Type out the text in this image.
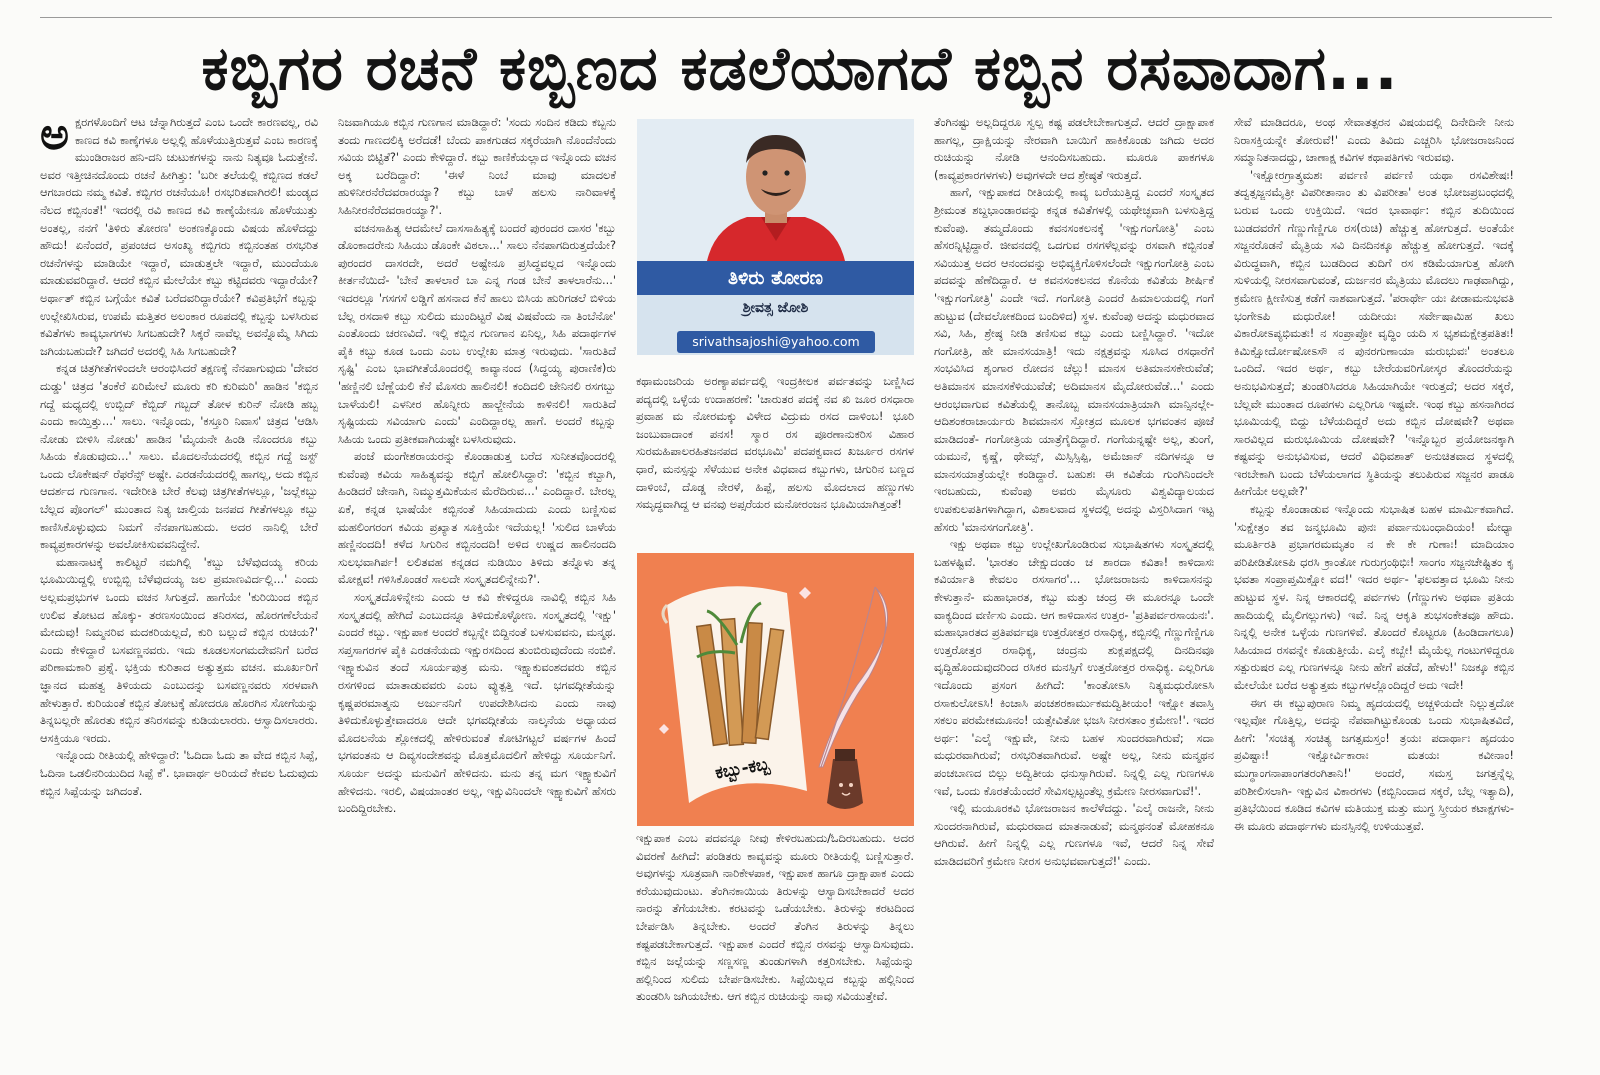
ಕಬ್ಬಿಗರ ರಚನೆ ಕಬ್ಬಿಣದ ಕಡಲೆಯಾಗದೆ ಕಬ್ಬಿನ ರಸವಾದಾಗ...

ಅಕ್ಷರಗಳೊಂದಿಗೆ ಆಟ ಚೆನ್ನಾಗಿರುತ್ತದೆ ಎಂಬ ಒಂದೇ ಕಾರಣವಲ್ಲ, ರವಿ ಕಾಣದ ಕವಿ ಕಾಣ್ಕೆಗಳೂ ಅಲ್ಲಲ್ಲಿ ಹೊಳೆಯುತ್ತಿರುತ್ತವೆ ಎಂಬ ಕಾರಣಕ್ಕೆ ಮುಂಡಿರಾಜರ ಹನಿ-ದನಿ ಚುಟುಕಗಳನ್ನು ನಾನು ನಿತ್ಯವೂ ಓದುತ್ತೇನೆ. ಅವರ ಇತ್ತೀಚಿನದೊಂದು ರಚನೆ ಹೀಗಿತ್ತು: 'ಬರೀ ತಲೆಯಲ್ಲಿ ಕಬ್ಬಿಣದ ಕಡಲೆ ಆಗಬಾರದು ನಮ್ಮ ಕವಿತೆ. ಕಬ್ಬಿಗರ ರಚನೆಯೂ! ರಸಭರಿತವಾಗಿರಲಿ! ಮಂಡ್ಯದ ನೆಲದ ಕಬ್ಬಿನಂತೆ!' ಇದರಲ್ಲಿ ರವಿ ಕಾಣದ ಕವಿ ಕಾಣ್ಕೆಯೇನೂ ಹೊಳೆಯುತ್ತು ಅಂತಲ್ಲ, ನನಗೆ 'ತಿಳಿರು ತೋರಣ' ಅಂಕಣಕ್ಕೊಂದು ವಿಷಯ ಹೊಳೆದದ್ದು ಹೌದು! ಏನೆಂದರೆ, ಪ್ರಪಂಚದ ಅಸಂಖ್ಯ ಕಬ್ಬಿಗರು ಕಬ್ಬಿನಂತಹ ರಸಭರಿತ ರಚನೆಗಳನ್ನು ಮಾಡಿಯೇ ಇದ್ದಾರೆ, ಮಾಡುತ್ತಲೇ ಇದ್ದಾರೆ, ಮುಂದೆಯೂ ಮಾಡುವವರಿದ್ದಾರೆ. ಆದರೆ ಕಬ್ಬಿನ ಮೇಲೆಯೇ ಕಬ್ಬು ಕಟ್ಟಿದವರು ಇದ್ದಾರೆಯೇ? ಅರ್ಥಾತ್ ಕಬ್ಬಿನ ಬಗ್ಗೆಯೇ ಕವಿತೆ ಬರೆದವರಿದ್ದಾರೆಯೇ? ಕವಿಪ್ರತಿಭೆಗೆ ಕಬ್ಬನ್ನು ಉಲ್ಲೇಖಿಸಿರುವ, ಉಪಮೆ ಮತ್ತಿತರ ಅಲಂಕಾರ ರೂಪದಲ್ಲಿ ಕಬ್ಬನ್ನು ಬಳಸಿರುವ ಕವಿತೆಗಳು ಕಾವ್ಯಭಾಗಗಳು ಸಿಗಬಹುದೇ? ಸಿಕ್ಕರೆ ನಾವೆಲ್ಲ ಅವನ್ನೊಮ್ಮೆ ಸಿಗಿದು ಜಗಿಯಬಹುದೇ? ಜಗಿದರೆ ಅದರಲ್ಲಿ ಸಿಹಿ ಸಿಗಬಹುದೇ?

ಕನ್ನಡ ಚಿತ್ರಗೀತೆಗಳಿಂದಲೇ ಆರಂಭಿಸಿದರೆ ತಕ್ಷಣಕ್ಕೆ ನೆನಪಾಗುವುದು 'ದೇವರ ದುಡ್ಡು' ಚಿತ್ರದ 'ತಂಕೆರೆ ಏರಿಮೇಲೆ ಮೂರು ಕರಿ ಕುರಿಮರಿ' ಹಾಡಿನ 'ಕಬ್ಬಿನ ಗದ್ದೆ ಮಧ್ಯದಲ್ಲಿ ಉಬ್ಬಿದ್ ಕೆಬ್ಬಿದ್ ಗಬ್ಬದ್ ತೋಳ ಕುರಿನ್ ನೋಡಿ ಹಬ್ಬ ಎಂದು ಕಾಯ್ತಿತ್ತು...' ಸಾಲು. ಇನ್ನೊಂದು, 'ಕಸ್ತೂರಿ ನಿವಾಸ' ಚಿತ್ರದ 'ಆಡಿಸಿ ನೋಡು ಬೀಳಿಸಿ ನೋಡು' ಹಾಡಿನ 'ಮೈಯನೇ ಹಿಂಡಿ ನೊಂದರೂ ಕಬ್ಬು ಸಿಹಿಯ ಕೊಡುವುದು...' ಸಾಲು. ಮೊದಲನೆಯದರಲ್ಲಿ ಕಬ್ಬಿನ ಗದ್ದೆ ಜಸ್ಟ್ ಒಂದು ಲೊಕೇಷನ್ ರೆಫರೆನ್ಸ್ ಅಷ್ಟೇ. ಎರಡನೆಯದರಲ್ಲಿ ಹಾಗಲ್ಲ, ಅದು ಕಬ್ಬಿನ ಆದರ್ಶದ ಗುಣಗಾನ. ಇದೇರೀತಿ ಬೇರೆ ಕೆಲವು ಚಿತ್ರಗೀತೆಗಳಲ್ಲೂ, 'ಜಲ್ಲೆಕಬ್ಬು ಬೆಲ್ಲದ ಪೊಂಗಲ್' ಮುಂತಾದ ನಿತ್ಯ ಚಾಲ್ತಿಯ ಜನಪದ ಗೀತೆಗಳಲ್ಲೂ ಕಬ್ಬು ಕಾಣಿಸಿಕೊಳ್ಳುವುದು ನಿಮಗೆ ನೆನಪಾಗಬಹುದು. ಅದರ ನಾನಿಲ್ಲಿ ಬೇರೆ ಕಾವ್ಯಪ್ರಕಾರಗಳನ್ನು ಅವಲೋಕಿಸುವವನಿದ್ದೇನೆ.

ಮಹಾನಾಟಕ್ಕೆ ಕಾಲಿಟ್ಟರೆ ನಮಗಿಲ್ಲಿ 'ಕಬ್ಬು ಬೆಳೆವುದಯ್ಯ ಕರಿಯ ಭೂಮಿಯಿದ್ದಲ್ಲಿ ಉಬ್ಬಿಬ್ಬಿ ಬೆಳೆವುದಯ್ಯ ಜಲ ಪ್ರಮಾಣವಿರ್ದಲ್ಲಿ...' ಎಂದು ಅಲ್ಲಮಪ್ರಭುಗಳ ಒಂದು ವಚನ ಸಿಗುತ್ತದೆ. ಹಾಗೆಯೇ 'ಕುರಿಯಿಂದ ಕಬ್ಬಿನ ಉಲಿವ ತೋಟದ ಹೊಕ್ಕು- ತರಣಸಂಯಿಂದ ತನಿರಸದ, ಹೊರಗಣೆಲೆಯನೆ ಮೇದುವು! ನಿಮ್ಮನರಿವ ಮದಕರಿಯಲ್ಲದೆ, ಕುರಿ ಬಲ್ಲುದೆ ಕಬ್ಬಿನ ರುಚಿಯ?' ಎಂದು ಕೇಳಿದ್ದಾರೆ ಬಸವಣ್ಣನವರು. ಇದು ಕೂಡಲಸಂಗಮದೇವನಿಗೆ ಬರೆದ ಪರಿಣಾಮಕಾರಿ ಪ್ರಶ್ನೆ. ಭಕ್ತಿಯ ಕುರಿತಾದ ಅತ್ಯುತ್ತಮ ವಚನ. ಮೂರ್ಖರಿಗೆ ಜ್ಞಾನದ ಮಹತ್ವ ತಿಳಿಯದು ಎಂಬುದನ್ನು ಬಸವಣ್ಣನವರು ಸರಳವಾಗಿ ಹೇಳುತ್ತಾರೆ. ಕುರಿಯಂತೆ ಕಬ್ಬಿನ ತೋಟಕ್ಕೆ ಹೋದರೂ ಹೊರಗಿನ ಸೋಗೆಯನ್ನು ತಿನ್ನಬಲ್ಲರೇ ಹೊರತು ಕಬ್ಬಿನ ತನಿರಸವನ್ನು ಕುಡಿಯಲಾರರು. ಆಸ್ವಾದಿಸಲಾರರು. ಆಸಕ್ತಿಯೂ ಇರದು.

ಇನ್ನೊಂದು ರೀತಿಯಲ್ಲಿ ಹೇಳಿದ್ದಾರೆ: 'ಓದಿದಾ ಓದು ತಾ ವೇದ ಕಬ್ಬಿನ ಸಿಪ್ಪೆ, ಓದಿನಾ ಒಡಲಿನರಿಯುದಿದ ಸಿಪ್ಪೆ ಕೆ'. ಭಾವಾರ್ಥ ಅರಿಯದೆ ಕೇವಲ ಓದುವುದು ಕಬ್ಬಿನ ಸಿಪ್ಪೆಯನ್ನು ಜಗಿದಂತೆ.

ನಿಜವಾಗಿಯೂ ಕಬ್ಬಿನ ಗುಣಗಾನ ಮಾಡಿದ್ದಾರೆ: 'ಸಂದು ಸಂದಿನ ಕಡಿದು ಕಬ್ಬನು ತಂದು ಗಾಣದಲಿಕ್ಕಿ ಅರೆದಡೆ! ಬೆಂದು ಪಾಕಗುಡದ ಸಕ್ಕರೆಯಾಗಿ ನೊಂದೆನೆಂದು ಸವಿಯ ಬಿಟ್ಟಿತೆ?' ಎಂದು ಕೇಳಿದ್ದಾರೆ. ಕಬ್ಬು ಕಾಣಿಕೆಯಲ್ಲಾದ ಇನ್ನೊಂದು ವಚನ ಅಕ್ಕ ಬರೆದಿದ್ದಾರೆ: 'ಈಳೆ ನಿಂಬೆ ಮಾವು ಮಾದಲಕೆ ಹುಳಿನೀರನೆರೆದವರಾರಯ್ಯಾ? ಕಬ್ಬು ಬಾಳೆ ಹಲಸು ನಾರಿವಾಳಕ್ಕೆ ಸಿಹಿನೀರನೆರೆದವರಾರಯ್ಯಾ?'.

ವಚನಸಾಹಿತ್ಯ ಆದಮೇಲೆ ದಾಸಸಾಹಿತ್ಯಕ್ಕೆ ಬಂದರೆ ಪುರಂದರ ದಾಸರ 'ಕಬ್ಬು ಡೊಂಕಾದರೇನು ಸಿಹಿಯು ಡೊಂಕೇ ವಿಠಲಾ...' ಸಾಲು ನೆನಪಾಗದಿರುತ್ತದೆಯೇ? ಪುರಂದರ ದಾಸರದೇ, ಅದರೆ ಅಷ್ಟೇನೂ ಪ್ರಸಿದ್ಧವಲ್ಲದ ಇನ್ನೊಂದು ಕೀರ್ತನೆಯಿದೆ- 'ಬೇನೆ ತಾಳಲಾರೆ ಬಾ ಎನ್ನ ಗಂಡ ಬೇನೆ ತಾಳಲಾರೆನು...' ಇದರಲ್ಲೂ 'ಗಸಗಸೆ ಲಡ್ಡಿಗೆ ಹಸನಾದ ಕೆನೆ ಹಾಲು ಬಿಸಿಯ ಹುರಿಗಡಲೆ ಬಿಳಿಯ ಬೆಲ್ಲ ರಸದಾಳಿ ಕಬ್ಬು ಸುಲಿದು ಮುಂದಿಟ್ಟರೆ ವಿಷ ವಿಷವೆಂದು ನಾ ತಿಂಬೆನೋ' ಎಂತೊಂದು ಚರಣವಿದೆ. ಇಲ್ಲಿ ಕಬ್ಬಿನ ಗುಣಗಾನ ಏನಿಲ್ಲ, ಸಿಹಿ ಪದಾರ್ಥಗಳ ಪೈಕಿ ಕಬ್ಬು ಕೂಡ ಒಂದು ಎಂಬ ಉಲ್ಲೇಖ ಮಾತ್ರ ಇರುವುದು. 'ಸಾರುತಿದೆ ಸೃಷ್ಟಿ' ಎಂಬ ಭಾವಗೀತೆಯೊಂದರಲ್ಲಿ ಕಾವ್ಯಾನಂದ (ಸಿದ್ಧಯ್ಯ ಪುರಾಣಿಕ)ರು 'ಹಣ್ಣಿನಲಿ ಬೆಣ್ಣೆಯಲಿ ಕೆನೆ ಮೊಸರು ಹಾಲಿನಲಿ! ಕಂದಿದಲಿ ಜೇನಿನಲಿ ರಸಗಬ್ಬು ಬಾಳೆಯಲಿ! ಎಳನೀರ ಹೊನ್ನೀರು ಹಾಲ್ಜೇನೆಯ ಕಾಳಿನಲಿ! ಸಾರುತಿದೆ ಸೃಷ್ಟಿಯದು ಸವಿಯಾಗು ಎಂದು' ಎಂದಿದ್ದಾರಲ್ಲ ಹಾಗೆ. ಅಂದರೆ ಕಬ್ಬನ್ನು ಸಿಹಿಯ ಒಂದು ಪ್ರತೀಕವಾಗಿಯಷ್ಟೇ ಬಳಸಿರುವುದು.

ಪಂಜೆ ಮಂಗೇಶರಾಯರನ್ನು ಕೊಂಡಾಡುತ್ತ ಬರೆದ ಸುನೀತವೊಂದರಲ್ಲಿ ಕುವೆಂಪು ಕವಿಯ ಸಾಹಿತ್ಯವನ್ನು ಕಬ್ಬಿಗೆ ಹೋಲಿಸಿದ್ದಾರೆ: 'ಕಬ್ಬಿನ ಕಬ್ಬಾಗಿ, ಹಿಂಡಿದರೆ ಜೇನಾಗಿ, ನಿಮ್ಮುತ್ತಮಿಕೆಯನ ಮೆರೆದಿರುವ...' ಎಂದಿದ್ದಾರೆ. ಬೇರಲ್ಲ ಏಕೆ, ಕನ್ನಡ ಭಾಷೆಯೇ ಕಬ್ಬಿನಂತೆ ಸಿಹಿಯಾದುದು ಎಂದು ಬಣ್ಣಿಸುವ ಮಹಲಿಂಗರಂಗ ಕವಿಯ ಪ್ರಖ್ಯಾತ ಸೂಕ್ತಿಯೇ ಇದೆಯಲ್ಲ! 'ಸುಲಿದ ಬಾಳೆಯ ಹಣ್ಣಿನಂದದಿ! ಕಳೆದ ಸಿಗುರಿನ ಕಬ್ಬಿನಂದದಿ! ಅಳಿದ ಉಷ್ಣದ ಹಾಲಿನಂದದಿ ಸುಲಭವಾಗಿರ್ಪ! ಲಲಿತವಹ ಕನ್ನಡದ ನುಡಿಯಿಂ ತಿಳಿದು ತನ್ನೊಳು ತನ್ನ ಮೋಕ್ಷವ! ಗಳಿಸಿಕೊಂಡರೆ ಸಾಲದೇ ಸಂಸ್ಕೃತದಲಿನ್ನೇನು?'.

ಸಂಸ್ಕೃತದೊಳಿನ್ನೇನು ಎಂದು ಆ ಕವಿ ಕೇಳಿದ್ದರೂ ನಾವಿಲ್ಲಿ ಕಬ್ಬಿನ ಸಿಹಿ ಸಂಸ್ಕೃತದಲ್ಲಿ ಹೇಗಿದೆ ಎಂಬುದನ್ನೂ ತಿಳಿದುಕೊಳ್ಳೋಣ. ಸಂಸ್ಕೃತದಲ್ಲಿ 'ಇಕ್ಷು' ಎಂದರೆ ಕಬ್ಬು. ಇಕ್ಷುಪಾಕ ಅಂದರೆ ಕಬ್ಬನ್ನೇ ಬಿದ್ದಿನಂತೆ ಬಳಸುವವನು, ಮನ್ಮಥ. ಸಪ್ತಸಾಗರಗಳ ಪೈಕಿ ಎರಡನೆಯದು ಇಕ್ಷುರಸದಿಂದ ತುಂಬಿರುವುದೆಂದು ನಂಬಿಕೆ. ಇಕ್ಷ್ವಾಕುವಿನ ತಂದೆ ಸೂರ್ಯಪುತ್ರ ಮನು. ಇಕ್ಷ್ವಾಕುವಂಶದವರು ಕಬ್ಬಿನ ರಸಗಳಿಂದ ಮಾತಾಡುವವರು ಎಂಬ ವ್ಯುತ್ಪತ್ತಿ ಇದೆ. ಭಗವದ್ಗೀತೆಯನ್ನು ಕೃಷ್ಣಪರಮಾತ್ಮನು ಅರ್ಜುನನಿಗೆ ಉಪದೇಶಿಸಿದನು ಎಂದು ನಾವು ತಿಳಿದುಕೊಳ್ಳುತ್ತೇವಾದರೂ ಆದೇ ಭಗವದ್ಗೀತೆಯ ನಾಲ್ಕನೆಯ ಅಧ್ಯಾಯದ ಮೊದಲನೆಯ ಶ್ಲೋಕದಲ್ಲಿ ಹೇಳಿರುವಂತೆ ಕೋಟಿಗಟ್ಟಲೆ ವರ್ಷಗಳ ಹಿಂದೆ ಭಗವಂತನು ಆ ದಿವ್ಯಸಂದೇಶವನ್ನು ಮೊತ್ತಮೊದಲಿಗೆ ಹೇಳಿದ್ದು ಸೂರ್ಯನಿಗೆ. ಸೂರ್ಯ ಅದನ್ನು ಮನುವಿಗೆ ಹೇಳಿದನು. ಮನು ತನ್ನ ಮಗ ಇಕ್ಷ್ವಾಕುವಿಗೆ ಹೇಳಿದನು. ಇರಲಿ, ವಿಷಯಾಂತರ ಅಲ್ಲ, ಇಕ್ಷುವಿನಿಂದಲೇ ಇಕ್ಷ್ವಾಕುವಿಗೆ ಹೆಸರು ಬಂದಿದ್ದಿರಬೇಕು.

ತಿಳಿರು ತೋರಣ
ಶ್ರೀವತ್ಸ ಜೋಶಿ
srivathsajoshi@yahoo.com

ಕಥಾಮಂಜರಿಯ ಅರಣ್ಯಾಪರ್ವದಲ್ಲಿ ಇಂದ್ರಕೀಲಕ ಪರ್ವತವನ್ನು ಬಣ್ಣಿಸಿದ ಪದ್ಯದಲ್ಲಿ ಒಳ್ಳೆಯ ಉದಾಹರಣೆ: 'ಚಾರುತರ ಪದಕ್ಕೆ ನವ ಖಿ ಜೂರ ರಸಧಾರಾ ಪ್ರವಾಹ ಮ ನೋರಮಕ್ಕು ವಿಳೇದ ವಿದ್ರುಮ ರಸದ ದಾಳಿಂಬ! ಭೂರಿ ಜಂಬುವಾದಾಂಕ ಪನಸ! ಸ್ಮಾರ ರಸ ಪೂರಣಾನುಕರಿಸ ವಿಹಾರ ಸುರಮಹಿಪಾಲರಹಿತಜನಪದ ವರಭೂಮಿ' ಪದಪಕ್ವವಾದ ಖರ್ಜೂರ ರಸಗಳ ಧಾರೆ, ಮನಸ್ಸನ್ನು ಸೆಳೆಯುವ ಅನೇಕ ವಿಧವಾದ ಕಬ್ಬುಗಳು, ಚಿಗುರಿನ ಬಣ್ಣದ ದಾಳಿಂಬೆ, ದೊಡ್ಡ ನೇರಳೆ, ಹಿಪ್ಪೆ, ಹಲಸು ಮೊದಲಾದ ಹಣ್ಣುಗಳು ಸಮೃದ್ಧವಾಗಿದ್ದ ಆ ವನವು ಅಪ್ಸರೆಯರ ಮನೋರಂಜನ ಭೂಮಿಯಾಗಿತ್ತಂತೆ!

ಕಬ್ಬು-ಕಬ್ಬ

ಇಕ್ಷುಪಾಕ ಎಂಬ ಪದವನ್ನೂ ನೀವು ಕೇಳಿರಬಹುದು/ಓದಿರಬಹುದು. ಅದರ ವಿವರಣೆ ಹೀಗಿದೆ: ಪಂಡಿತರು ಕಾವ್ಯವನ್ನು ಮೂರು ರೀತಿಯಲ್ಲಿ ಬಣ್ಣಿಸುತ್ತಾರೆ. ಅವುಗಳನ್ನು ಸೂತ್ರವಾಗಿ ನಾರಿಕೇಳಪಾಕ, ಇಕ್ಷುಪಾಕ ಹಾಗೂ ದ್ರಾಕ್ಷಾಪಾಕ ಎಂದು ಕರೆಯುವುದುಂಟು. ತೆಂಗಿನಕಾಯಿಯ ತಿರುಳನ್ನು ಆಸ್ವಾದಿಸಬೇಕಾದರೆ ಅದರ ನಾರನ್ನು ತೆಗೆಯಬೇಕು. ಕರಟವನ್ನು ಒಡೆಯಬೇಕು. ತಿರುಳನ್ನು ಕರಟದಿಂದ ಬೇರ್ಪಡಿಸಿ ತಿನ್ನಬೇಕು. ಅಂದರೆ ತೆಂಗಿನ ತಿರುಳನ್ನು ತಿನ್ನಲು ಕಷ್ಟಪಡಬೇಕಾಗುತ್ತದೆ. ಇಕ್ಷುಪಾಕ ಎಂದರೆ ಕಬ್ಬಿನ ರಸವನ್ನು ಆಸ್ವಾದಿಸುವುದು. ಕಬ್ಬಿನ ಜಲ್ಲೆಯನ್ನು ಸಣ್ಣಸಣ್ಣ ತುಂಡುಗಳಾಗಿ ಕತ್ತರಿಸಬೇಕು. ಸಿಪ್ಪೆಯನ್ನು ಹಲ್ಲಿನಿಂದ ಸುಲಿದು ಬೇರ್ಪಡಿಸಬೇಕು. ಸಿಪ್ಪೆಯಿಲ್ಲದ ಕಬ್ಬನ್ನು ಹಲ್ಲಿನಿಂದ ತುಂಡರಿಸಿ ಜಗಿಯಬೇಕು. ಆಗ ಕಬ್ಬಿನ ರುಚಿಯನ್ನು ನಾವು ಸವಿಯುತ್ತೇವೆ.

ತೆಂಗಿನಷ್ಟು ಅಲ್ಲದಿದ್ದರೂ ಸ್ವಲ್ಪ ಕಷ್ಟ ಪಡಲೇಬೇಕಾಗುತ್ತದೆ. ಆದರೆ ದ್ರಾಕ್ಷಾಪಾಕ ಹಾಗಲ್ಲ, ದ್ರಾಕ್ಷಿಯನ್ನು ನೇರವಾಗಿ ಬಾಯಿಗೆ ಹಾಕಿಕೊಂಡು ಜಗಿದು ಅದರ ರುಚಿಯನ್ನು ನೋಡಿ ಆನಂದಿಸಬಹುದು. ಮೂರೂ ಪಾಕಗಳೂ (ಕಾವ್ಯಪ್ರಕಾರಗಳಗಳು) ಅವುಗಳದೇ ಆದ ಶ್ರೇಷ್ಠತೆ ಇರುತ್ತದೆ.

ಹಾಗೆ, ಇಕ್ಷುಪಾಕದ ರೀತಿಯಲ್ಲಿ ಕಾವ್ಯ ಬರೆಯುತ್ತಿದ್ದ ಎಂದರೆ ಸಂಸ್ಕೃತದ ಶ್ರೀಮಂತ ಶಬ್ದಭಾಂಡಾರವನ್ನು ಕನ್ನಡ ಕವಿತೆಗಳಲ್ಲಿ ಯಥೇಚ್ಛವಾಗಿ ಬಳಸುತ್ತಿದ್ದ ಕುವೆಂಪು. ತಮ್ಮದೊಂದು ಕವನಸಂಕಲನಕ್ಕೆ 'ಇಕ್ಷುಗಂಗೋತ್ರಿ' ಎಂಬ ಹೆಸರನ್ನಿಟ್ಟಿದ್ದಾರೆ. ಜೀವನದಲ್ಲಿ ಒದಗುವ ರಸಗಳೆಲ್ಲವನ್ನು ರಸವಾಗಿ ಕಬ್ಬಿನಂತೆ ಸವಿಯುತ್ತ ಅದರ ಆನಂದವನ್ನು ಅಭಿವ್ಯಕ್ತಿಗೊಳಿಸಲೆಂದೇ ಇಕ್ಷುಗಂಗೋತ್ರಿ ಎಂಬ ಪದವನ್ನು ಹೆಣೆದಿದ್ದಾರೆ. ಆ ಕವನಸಂಕಲನದ ಕೊನೆಯ ಕವಿತೆಯ ಶೀರ್ಷಿಕೆ 'ಇಕ್ಷುಗಂಗೋತ್ರಿ' ಎಂದೇ ಇದೆ. ಗಂಗೋತ್ರಿ ಎಂದರೆ ಹಿಮಾಲಯದಲ್ಲಿ ಗಂಗೆ ಹುಟ್ಟುವ (ದೇವಲೋಕದಿಂದ ಬಂದಿಳಿದ) ಸ್ಥಳ. ಕುವೆಂಪು ಅದನ್ನು ಮಧುರವಾದ ಸವಿ, ಸಿಹಿ, ಶ್ರೇಷ್ಠ ನೀಡಿ ತಣಿಸುವ ಕಬ್ಬು ಎಂದು ಬಣ್ಣಿಸಿದ್ದಾರೆ. 'ಇದೋ ಗಂಗೋತ್ರಿ, ಹೇ ಮಾನಸಯಾತ್ರಿ! ಇದು ನಕ್ಷತ್ರವನ್ನು ಸೂಸಿದ ರಸಧಾರೆಗೆ ಸಂಭವಿಸಿದ ಶೃಂಗಾರ ರೋದನ ಚೆಲ್ಲು! ಮಾನಸ ಅತಿಮಾನಸಕೇರುವೆಡೆ; ಅತಿಮಾನಸ ಮಾನಸಕೆಳಿಯುವೆಡೆ; ಅದಿಮಾನಸ ಮೈದೋರುವೆಡೆ...' ಎಂದು ಆರಂಭವಾಗುವ ಕವಿತೆಯಲ್ಲಿ ತಾನೊಬ್ಬ ಮಾನಸಯಾತ್ರಿಯಾಗಿ ಮಾನ್ಸಿನಲ್ಲೇ- ಆದಿಶಂಕರಾಚಾರ್ಯರು ಶಿವಮಾನಸ ಸ್ತೋತ್ರದ ಮೂಲಕ ಭಗವಂತನ ಪೂಜೆ ಮಾಡಿದಂತೆ- ಗಂಗೋತ್ರಿಯ ಯಾತ್ರೆಗೈದಿದ್ದಾರೆ. ಗಂಗೆಯನ್ನಷ್ಟೇ ಅಲ್ಲ, ತುಂಗೆ, ಯಮುನೆ, ಕೃಷ್ಣೆ, ಥೇಮ್ಸ್, ಮಿಸ್ಸಿಸ್ಸಿಪ್ಪಿ, ಅಮೆಜಾನ್ ನದಿಗಳನ್ನೂ ಆ ಮಾನಸಯಾತ್ರೆಯಲ್ಲೇ ಕಂಡಿದ್ದಾರೆ. ಬಹುಶಃ ಈ ಕವಿತೆಯ ಗುಂಗಿನಿಂದಲೇ ಇರಬಹುದು, ಕುವೆಂಪು ಅವರು ಮೈಸೂರು ವಿಶ್ವವಿದ್ಯಾಲಯದ ಉಪಕುಲಪತಿಗಳಾಗಿದ್ದಾಗ, ವಿಶಾಲವಾದ ಸ್ಥಳದಲ್ಲಿ ಅದನ್ನು ವಿಸ್ತರಿಸಿದಾಗ ಇಟ್ಟ ಹೆಸರು 'ಮಾನಸಗಂಗೋತ್ರಿ'.

ಇಕ್ಷು ಅಥವಾ ಕಬ್ಬು ಉಲ್ಲೇಖಗೊಂಡಿರುವ ಸುಭಾಷಿತಗಳು ಸಂಸ್ಕೃತದಲ್ಲಿ ಬಹಳಷ್ಟಿವೆ. 'ಭಾರತಂ ಚೇಕ್ಷುದಂಡಂ ಚ ಶಾರದಾ ಕವಿತಾ! ಕಾಳಿದಾಸಃ ಕವಿರ್ಯಾತಿ ಕೇವಲಂ ರಸಸಾಗರ'... ಭೋಜರಾಜನು ಕಾಳಿದಾಸನನ್ನು ಕೇಳುತ್ತಾನೆ- ಮಹಾಭಾರತ, ಕಬ್ಬು ಮತ್ತು ಚಂದ್ರ ಈ ಮೂರನ್ನೂ ಒಂದೇ ವಾಕ್ಯದಿಂದ ವರ್ಣಿಸು ಎಂದು. ಆಗ ಕಾಳಿದಾಸನ ಉತ್ತರ- 'ಪ್ರತಿಪರ್ವರಸಾಯನಃ'. ಮಹಾಭಾರತದ ಪ್ರತಿಪರ್ವವೂ ಉತ್ತರೋತ್ತರ ರಸಾಧಿಕ್ಯ, ಕಬ್ಬಿನಲ್ಲಿ ಗೆಣ್ಣುಗೆಣ್ಣಿಗೂ ಉತ್ತರೋತ್ತರ ರಸಾಧಿಕ್ಯ, ಚಂದ್ರನು ಶುಕ್ಲಪಕ್ಷದಲ್ಲಿ ದಿನದಿನವೂ ವೃದ್ಧಿಹೊಂದುವುದರಿಂದ ರಸಿಕರ ಮನಸ್ಸಿಗೆ ಉತ್ತರೋತ್ತರ ರಸಾಧಿಕ್ಯ. ಎಲ್ಲರಿಗೂ ಇದೊಂದು ಪ್ರಸಂಗ ಹೀಗಿದೆ: 'ಕಾಂತೋಽಸಿ ನಿತ್ಯಮಧುರೋಽಸಿ ರಸಾಕುಲೋಽಸಿ! ಕಿಂಚಾಸಿ ಪಂಚಶರಕಾರ್ಮುಕಮದ್ವಿತೀಯಂ! ಇಕ್ಷೋ ತವಾಸ್ತಿ ಸಕಲಂ ಪರಮೇಕಮೂನಂ! ಯತ್ಸೇವಿತೋ ಭಜಸಿ ನೀರಸತಾಂ ಕ್ರಮೇಣ!'. ಇದರ ಅರ್ಥ: 'ಎಲೈ ಇಕ್ಷುವೇ, ನೀನು ಬಹಳ ಸುಂದರವಾಗಿರುವೆ; ಸದಾ ಮಧುರವಾಗಿರುವೆ; ರಸಭರಿತವಾಗಿರುವೆ. ಅಷ್ಟೇ ಅಲ್ಲ, ನೀನು ಮನ್ಮಥನ ಪಂಚಬಾಣದ ಬಿಲ್ಲು ಅದ್ವಿತೀಯ ಧನುಸ್ಸಾಗಿರುವೆ. ನಿನ್ನಲ್ಲಿ ಎಲ್ಲ ಗುಣಗಳೂ ಇವೆ, ಒಂದು ಕೊರತೆಯೆಂದರೆ ಸೇವಿಸಲ್ಪಟ್ಟಂತೆಲ್ಲ ಕ್ರಮೇಣ ನೀರಸವಾಗುವೆ!'.

ಇಲ್ಲಿ ಮಯೂರಕವಿ ಭೋಜರಾಜನ ಕಾಲೆಳೆದದ್ದು. 'ಎಲೈ ರಾಜನೇ, ನೀನು ಸುಂದರನಾಗಿರುವೆ, ಮಧುರವಾದ ಮಾತನಾಡುವೆ; ಮನ್ಮಥನಂತೆ ಮೋಹಕನೂ ಆಗಿರುವೆ. ಹೀಗೆ ನಿನ್ನಲ್ಲಿ ಎಲ್ಲ ಗುಣಗಳೂ ಇವೆ, ಆದರೆ ನಿನ್ನ ಸೇವೆ ಮಾಡಿದವರಿಗೆ ಕ್ರಮೇಣ ನೀರಸ ಅನುಭವವಾಗುತ್ತದೆ!' ಎಂದು.

ಸೇವೆ ಮಾಡಿದರೂ, ಅಂಥ ಸೇವಾತತ್ಪರನ ವಿಷಯದಲ್ಲಿ ದಿನೇದಿನೇ ನೀನು ನಿರಾಸಕ್ತಿಯನ್ನೇ ತೋರುವೆ!' ಎಂದು ತಿವಿದು ಎಚ್ಚರಿಸಿ ಭೋಜರಾಜನಿಂದ ಸಮ್ಮಾನಿತನಾದದ್ದು, ಚಾಣಾಕ್ಷ ಕವಿಗಳ ಕಥಾಪತಿಗಳು ಇರುವವು.

'ಇಕ್ಷೋರಗ್ರಾತ್ಕ್ರಮಶಃ ಪರ್ವಣಿ ಪರ್ವಣಿ ಯಥಾ ರಸವಿಶೇಷಃ! ತದ್ವತ್ಸಜ್ಜನಮೈತ್ರೀ ವಿಪರೀತಾನಾಂ ತು ವಿಪರೀತಾ' ಅಂತ ಭೋಜಪ್ರಬಂಧದಲ್ಲಿ ಬರುವ ಒಂದು ಉಕ್ತಿಯಿದೆ. ಇದರ ಭಾವಾರ್ಥ: ಕಬ್ಬಿನ ತುದಿಯಿಂದ ಬುಡದವರೆಗೆ ಗೆಣ್ಣುಗೆಣ್ಣಿಗೂ ರಸ(ರುಚಿ) ಹೆಚ್ಚುತ್ತ ಹೋಗುತ್ತದೆ. ಅಂತೆಯೇ ಸಜ್ಜನರೊಡನೆ ಮೈತ್ರಿಯ ಸವಿ ದಿನದಿನಕ್ಕೂ ಹೆಚ್ಚುತ್ತ ಹೋಗುತ್ತದೆ. ಇದಕ್ಕೆ ವಿರುದ್ಧವಾಗಿ, ಕಬ್ಬಿನ ಬುಡದಿಂದ ತುದಿಗೆ ರಸ ಕಡಿಮೆಯಾಗುತ್ತ ಹೋಗಿ ಸುಳಿಯಲ್ಲಿ ನೀರಸವಾಗುವಂತೆ, ದುರ್ಜನರ ಮೈತ್ರಿಯು ಮೊದಲು ಗಾಢವಾಗಿದ್ದು, ಕ್ರಮೇಣ ಕ್ಷೀಣಿಸುತ್ತ ಕಡೆಗೆ ನಾಶವಾಗುತ್ತದೆ. 'ಪರಾರ್ಥೇ ಯಃ ಪೀಡಾಮನುಭವತಿ ಭಂಗೇಽಪಿ ಮಧುರೋ! ಯದೀಯಃ ಸರ್ವೇಷಾಮಿಹ ಖಲು ವಿಕಾರೋಽಪ್ಯಭಿಮತಃ! ನ ಸಂಪ್ರಾಪ್ತೋ ವೃದ್ಧಿಂ ಯದಿ ಸ ಭೃಶಮಕ್ಷೇತ್ರಪತಿತಃ! ಕಿಮಿಕ್ಷೋರ್ದೋಷೋಽಸೌ ನ ಪುನರಗುಣಾಯಾ ಮರುಭುವಃ' ಅಂತಲೂ ಒಂದಿದೆ. ಇದರ ಅರ್ಥ, ಕಬ್ಬು ಬೇರೆಯವರಿಗೋಸ್ಕರ ತೊಂದರೆಯನ್ನು ಅನುಭವಿಸುತ್ತದೆ; ತುಂಡರಿಸಿದರೂ ಸಿಹಿಯಾಗಿಯೇ ಇರುತ್ತದೆ; ಅದರ ಸಕ್ಕರೆ, ಬೆಲ್ಲವೇ ಮುಂತಾದ ರೂಪಗಳು ಎಲ್ಲರಿಗೂ ಇಷ್ಟವೇ. ಇಂಥ ಕಬ್ಬು ಹಸನಾಗಿರದ ಭೂಮಿಯಲ್ಲಿ ಬಿದ್ದು ಬೆಳೆಯದಿದ್ದರೆ ಅದು ಕಬ್ಬಿನ ದೋಷವೇ? ಅಥವಾ ಸಾರವಿಲ್ಲದ ಮರುಭೂಮಿಯ ದೋಷವೇ? 'ಇನ್ನೊಬ್ಬರ ಪ್ರಯೋಜನಕ್ಕಾಗಿ ಕಷ್ಟವನ್ನು ಅನುಭವಿಸುವ, ಆದರೆ ವಿಧಿವಶಾತ್ ಅನುಚಿತವಾದ ಸ್ಥಳದಲ್ಲಿ ಇರಬೇಕಾಗಿ ಬಂದು ಬೆಳೆಯಲಾಗದ ಸ್ಥಿತಿಯನ್ನು ತಲುಪಿರುವ ಸಜ್ಜನರ ಪಾಡೂ ಹೀಗೆಯೇ ಅಲ್ಲವೇ?'

ಕಬ್ಬನ್ನು ಕೊಂಡಾಡುವ ಇನ್ನೊಂದು ಸುಭಾಷಿತ ಬಹಳ ಮಾರ್ಮಿಕವಾಗಿದೆ. 'ಸುಕ್ಷೇತ್ರಂ ತವ ಜನ್ಮಭೂಮಿ ಪುನಃ ಪರ್ವಾನುಬಂಧಾದಿಯಂ! ಮೇಧ್ಯಾ ಮೂರ್ತಿರತಿ ಪ್ರಭಾಗರಮಮೃತಂ ನ ಕೇ ಕೇ ಗುಣಾಃ! ಮಾದಿಯಾಂ ಪರಿಪೀಡಿತೋಽಪಿ ಧರಸಿ ಕ್ರಾಂತೋ ಗುರುಗ್ರಂಥಿಭಿಃ! ಸಾಂಗಂ ಸಜ್ಜನಚೇಷ್ಟಿತಂ ಕೃ ಭವತಾ ಸಂಪ್ರಾಪ್ತಮಿಕ್ಷೋ ವದ!' ಇದರ ಅರ್ಥ- 'ಫಲವತ್ತಾದ ಭೂಮಿ ನೀನು ಹುಟ್ಟುವ ಸ್ಥಳ. ನಿನ್ನ ಆಕಾರದಲ್ಲಿ ಪರ್ವಗಳು (ಗೆಣ್ಣುಗಳು ಅಥವಾ ಪ್ರತಿಯ ಹಾದಿಯಲ್ಲಿ ಮೈಲಿಗಲ್ಲುಗಳು) ಇವೆ. ನಿನ್ನ ಆಕೃತಿ ಶುಭಸಂಕೇತವೂ ಹೌದು. ನಿನ್ನಲ್ಲಿ ಅನೇಕ ಒಳ್ಳೆಯ ಗುಣಗಳಿವೆ. ತೊಂದರೆ ಕೊಟ್ಟರೂ (ಹಿಂಡಿದಾಗಲೂ) ಸಿಹಿಯಾದ ರಸವನ್ನೇ ಕೊಡುತ್ತೀಯೆ. ಎಲೈ ಕಬ್ಬೇ! ಮೈಯೆಲ್ಲ ಗಂಟುಗಳಿದ್ದರೂ ಸತ್ಪುರುಷರ ಎಲ್ಲ ಗುಣಗಳನ್ನೂ ನೀನು ಹೇಗೆ ಪಡೆದೆ, ಹೇಳು!' ನಿಜಕ್ಕೂ ಕಬ್ಬಿನ ಮೇಲೆಯೇ ಬರೆದ ಅತ್ಯುತ್ತಮ ಕಬ್ಬುಗಳಲ್ಲೊಂದಿದ್ದರೆ ಅದು ಇದೇ!

ಈಗ ಈ ಕಬ್ಬುಪುರಾಣ ನಿಮ್ಮ ಹೃದಯದಲ್ಲಿ ಅಚ್ಚಳಿಯದೇ ನಿಲ್ಲುತ್ತದೋ ಇಲ್ಲವೋ ಗೊತ್ತಿಲ್ಲ, ಅದನ್ನು ನೆಪವಾಗಿಟ್ಟುಕೊಂಡು ಒಂದು ಸುಭಾಷಿತವಿದೆ, ಹೀಗೆ: 'ಸಂಚಿತ್ಯ ಸಂಚಿತ್ಯ ಜಗತ್ಸಮಸ್ತಂ! ತ್ರಯಃ ಪದಾರ್ಥಾಃ ಹೃದಯಂ ಪ್ರವಿಷ್ಟಾಃ! ಇಕ್ಷೋರ್ವಿಕಾರಾಃ ಮತಯಃ ಕವೀನಾಂ! ಮುಗ್ಧಾಂಗನಾಪಾಂಗತರಂಗಿತಾನಿ!' ಅಂದರೆ, ಸಮಸ್ತ ಜಗತ್ತನ್ನೆಲ್ಲ ಪರಿಶೀಲಿಸಲಾಗಿ- ಇಕ್ಷುವಿನ ವಿಕಾರಗಳು (ಕಬ್ಬಿನಿಂದಾದ ಸಕ್ಕರೆ, ಬೆಲ್ಲ ಇತ್ಯಾದಿ), ಪ್ರತಿಭೆಯಿಂದ ಕೂಡಿದ ಕವಿಗಳ ಮತಿಯುಕ್ತ ಮತ್ತು ಮುಗ್ಧ ಸ್ತ್ರೀಯರ ಕಟಾಕ್ಷಗಳು- ಈ ಮೂರು ಪದಾರ್ಥಗಳು ಮನಸ್ಸಿನಲ್ಲಿ ಉಳಿಯುತ್ತವೆ.
